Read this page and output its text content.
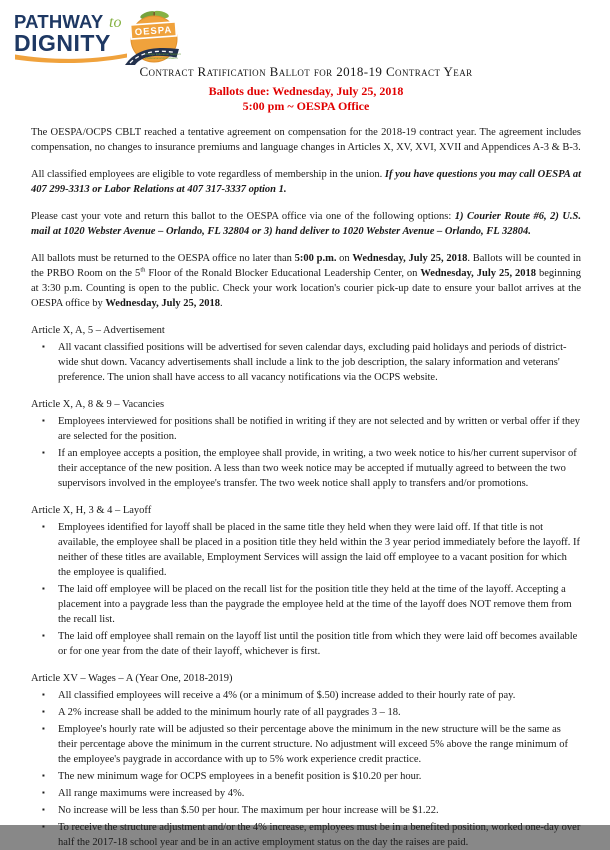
OESPA
Orange Education Support
Professional Association
PATHWAY to
DIGNITY
Contract Ratification Ballot for 2018-19 Contract Year
Ballots due: Wednesday, July 25, 2018
5:00 pm ~ OESPA Office

The OESPA/OCPS CBLT reached a tentative agreement on compensation for the 2018-19 contract year. The agreement includes compensation, no changes to insurance premiums and language changes in Articles X, XV, XVI, XVII and Appendices A-3 & B-3.

All classified employees are eligible to vote regardless of membership in the union. If you have questions you may call OESPA at 407 299-3313 or Labor Relations at 407 317-3337 option 1.

Please cast your vote and return this ballot to the OESPA office via one of the following options: 1) Courier Route #6, 2) U.S. mail at 1020 Webster Avenue – Orlando, FL 32804 or 3) hand deliver to 1020 Webster Avenue – Orlando, FL 32804.

All ballots must be returned to the OESPA office no later than 5:00 p.m. on Wednesday, July 25, 2018. Ballots will be counted in the PRBO Room on the 5th Floor of the Ronald Blocker Educational Leadership Center, on Wednesday, July 25, 2018 beginning at 3:30 p.m. Counting is open to the public. Check your work location's courier pick-up date to ensure your ballot arrives at the OESPA office by Wednesday, July 25, 2018.

Article X, A, 5 – Advertisement
▪ All vacant classified positions will be advertised for seven calendar days, excluding paid holidays and periods of district-wide shut down. Vacancy advertisements shall include a link to the job description, the salary information and veterans' preference. The union shall have access to all vacancy notifications via the OCPS website.
Article X, A, 8 & 9 – Vacancies
▪ Employees interviewed for positions shall be notified in writing if they are not selected and by written or verbal offer if they are selected for the position.
▪ If an employee accepts a position, the employee shall provide, in writing, a two week notice to his/her current supervisor of their acceptance of the new position. A less than two week notice may be accepted if mutually agreed to between the two supervisors involved in the employee's transfer. The two week notice shall apply to transfers and/or promotions.
Article X, H, 3 & 4 – Layoff
▪ Employees identified for layoff shall be placed in the same title they held when they were laid off. If that title is not available, the employee shall be placed in a position title they held within the 3 year period immediately before the layoff. If neither of these titles are available, Employment Services will assign the laid off employee to a vacant position for which the employee is qualified.
▪ The laid off employee will be placed on the recall list for the position title they held at the time of the layoff. Accepting a placement into a paygrade less than the paygrade the employee held at the time of the layoff does NOT remove them from the recall list.
▪ The laid off employee shall remain on the layoff list until the position title from which they were laid off becomes available or for one year from the date of their layoff, whichever is first.
Article XV – Wages – A (Year One, 2018-2019)
▪ All classified employees will receive a 4% (or a minimum of $.50) increase added to their hourly rate of pay.
▪ A 2% increase shall be added to the minimum hourly rate of all paygrades 3 – 18.
▪ Employee's hourly rate will be adjusted so their percentage above the minimum in the new structure will be the same as their percentage above the minimum in the current structure. No adjustment will exceed 5% above the range minimum of the employee's paygrade in accordance with up to 5% work experience credit practice.
▪ The new minimum wage for OCPS employees in a benefit position is $10.20 per hour.
▪ All range maximums were increased by 4%.
▪ No increase will be less than $.50 per hour. The maximum per hour increase will be $1.22.
▪ To receive the structure adjustment and/or the 4% increase, employees must be in a benefited position, worked one-day over half the 2017-18 school year and be in an active employment status on the day the raises are paid.
